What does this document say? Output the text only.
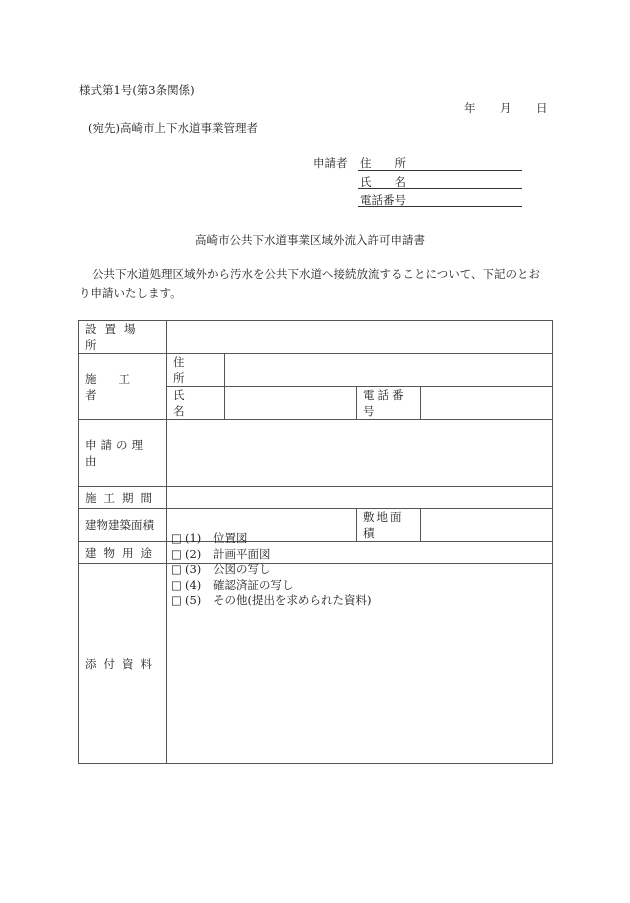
様式第1号(第3条関係)
年 月 日
(宛先)高崎市上下水道事業管理者
申請者 住　　所
氏　　名
電話番号
高崎市公共下水道事業区域外流入許可申請書
公共下水道処理区域外から汚水を公共下水道へ接続放流することについて、下記のとお
り申請いたします。
設置場所				

施工者	住所			
	氏名		電話番号	
申請の理由				
施工期間				
建物建築面積			敷地面積	
建物用途				
添付資料				
□ (1)	位置図
□ (2)	計画平面図
□ (3)	公図の写し
□ (4)	確認済証の写し
□ (5)	その他(提出を求められた資料)
